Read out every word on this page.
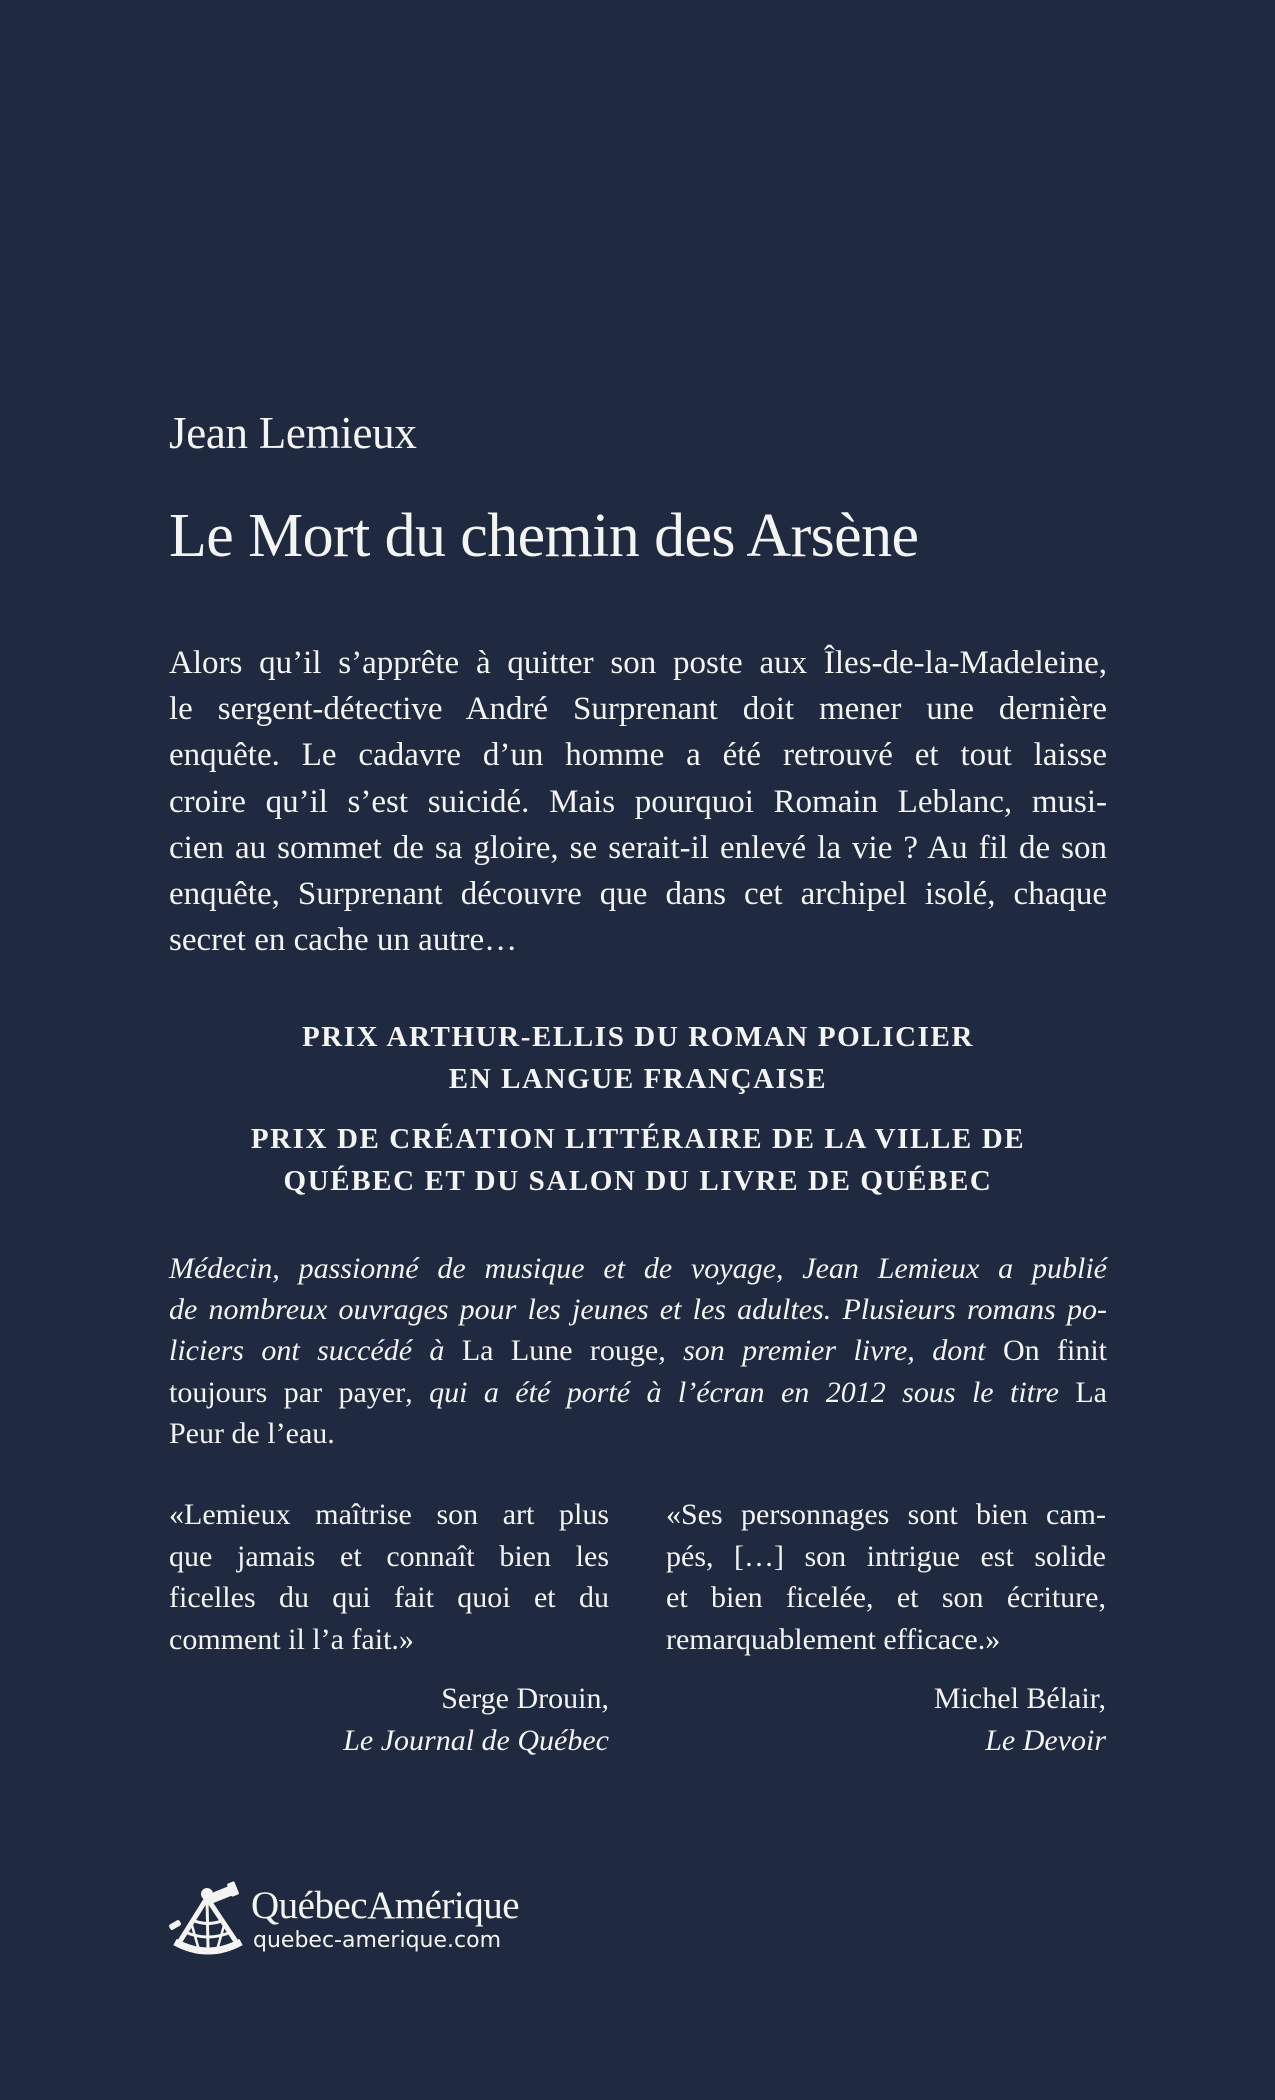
Jean Lemieux
Le Mort du chemin des Arsène
Alors qu’il s’apprête à quitter son poste aux Îles-de-la-Madeleine,
le sergent-détective André Surprenant doit mener une dernière
enquête. Le cadavre d’un homme a été retrouvé et tout laisse
croire qu’il s’est suicidé. Mais pourquoi Romain Leblanc, musi-
cien au sommet de sa gloire, se serait-il enlevé la vie ? Au fil de son
enquête, Surprenant découvre que dans cet archipel isolé, chaque
secret en cache un autre…
PRIX ARTHUR-ELLIS DU ROMAN POLICIER
EN LANGUE FRANÇAISE
PRIX DE CRÉATION LITTÉRAIRE DE LA VILLE DE
QUÉBEC ET DU SALON DU LIVRE DE QUÉBEC
Médecin, passionné de musique et de voyage, Jean Lemieux a publié
de nombreux ouvrages pour les jeunes et les adultes. Plusieurs romans po-
liciers ont succédé à La Lune rouge, son premier livre, dont On finit
toujours par payer, qui a été porté à l’écran en 2012 sous le titre La
Peur de l’eau.
«Lemieux maîtrise son art plus
que jamais et connaît bien les
ficelles du qui fait quoi et du
comment il l’a fait.»
Serge Drouin,
Le Journal de Québec
«Ses personnages sont bien cam-
pés, […] son intrigue est solide
et bien ficelée, et son écriture,
remarquablement efficace.»
Michel Bélair,
Le Devoir
QuébecAmérique
quebec-amerique.com
